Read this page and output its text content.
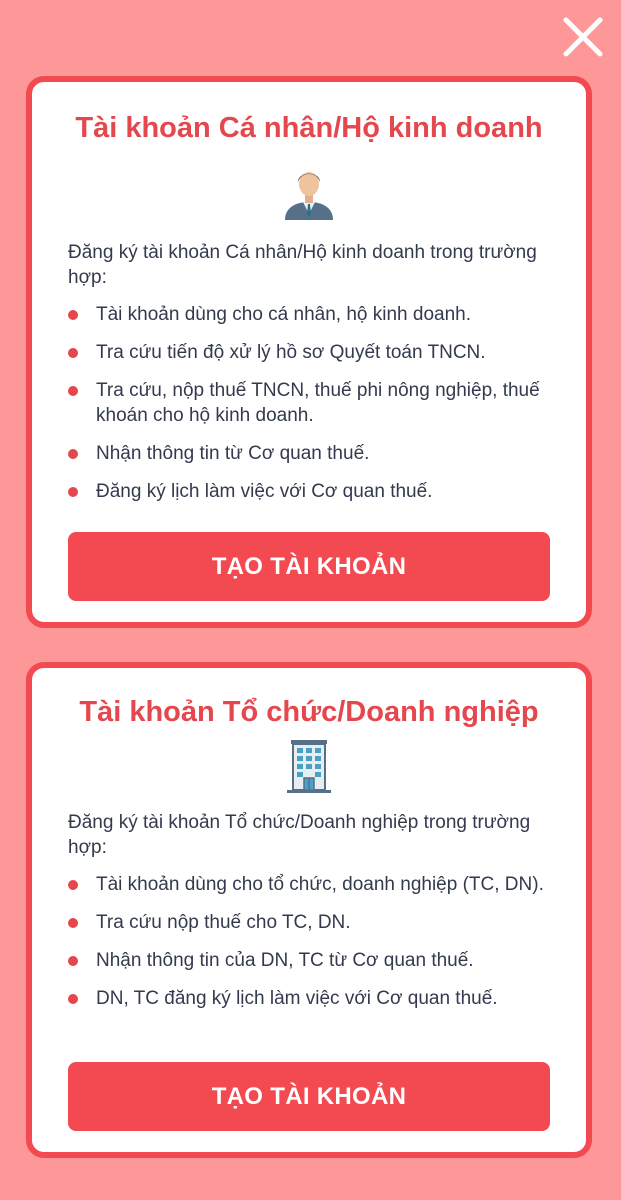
Tài khoản Cá nhân/Hộ kinh doanh
Đăng ký tài khoản Cá nhân/Hộ kinh doanh trong trường hợp:
Tài khoản dùng cho cá nhân, hộ kinh doanh.
Tra cứu tiến độ xử lý hồ sơ Quyết toán TNCN.
Tra cứu, nộp thuế TNCN, thuế phi nông nghiệp, thuế khoán cho hộ kinh doanh.
Nhận thông tin từ Cơ quan thuế.
Đăng ký lịch làm việc với Cơ quan thuế.
TẠO TÀI KHOẢN
Tài khoản Tổ chức/Doanh nghiệp
Đăng ký tài khoản Tổ chức/Doanh nghiệp trong trường hợp:
Tài khoản dùng cho tổ chức, doanh nghiệp (TC, DN).
Tra cứu nộp thuế cho TC, DN.
Nhận thông tin của DN, TC từ Cơ quan thuế.
DN, TC đăng ký lịch làm việc với Cơ quan thuế.
TẠO TÀI KHOẢN
